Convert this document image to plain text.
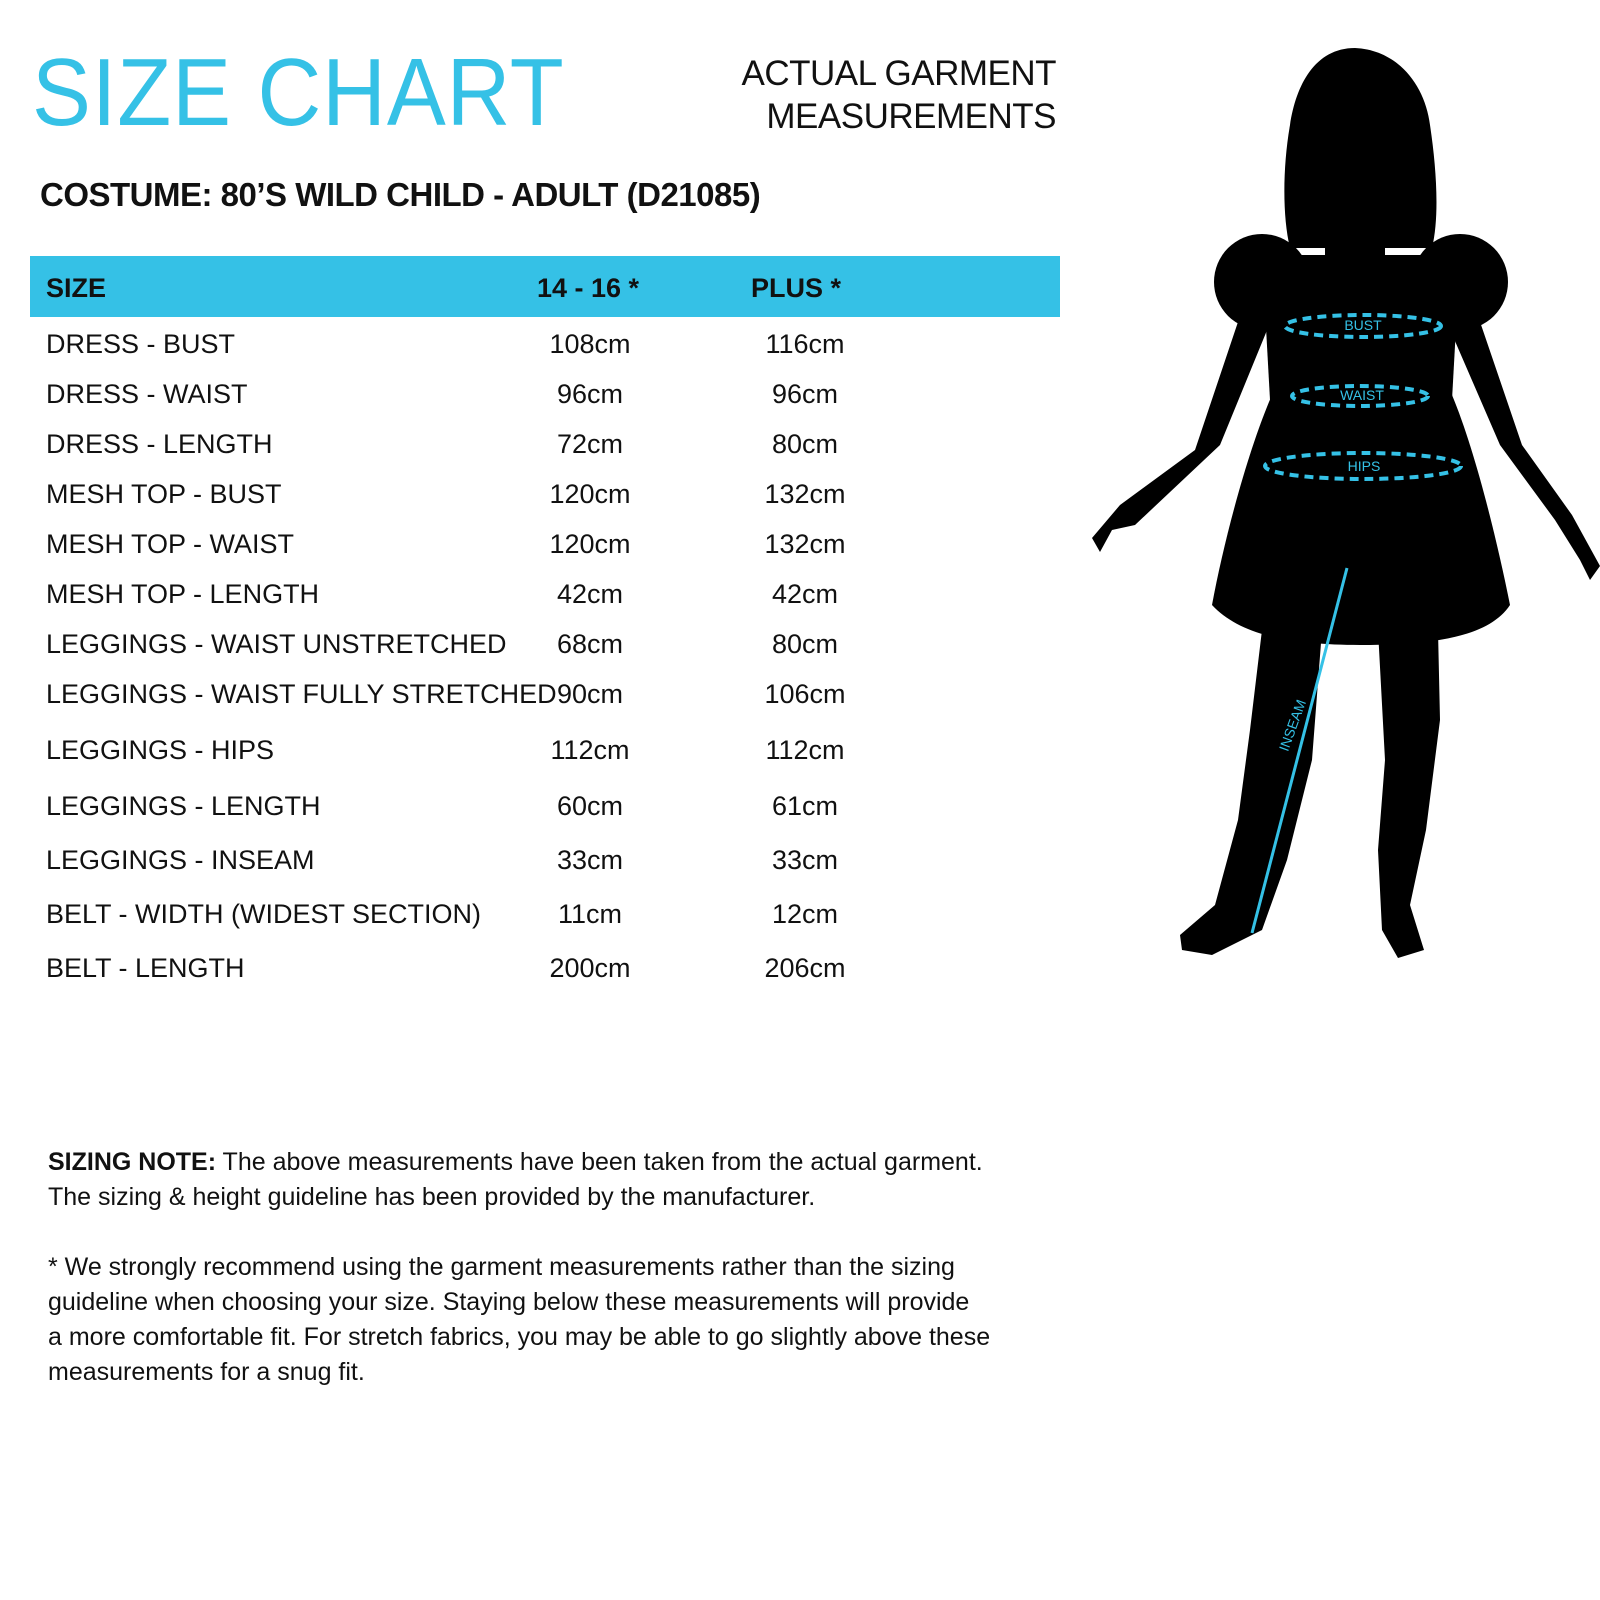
SIZE CHART	ACTUAL GARMENT
MEASUREMENTS
COSTUME: 80’S WILD CHILD - ADULT (D21085)
SIZE	14 - 16 *	PLUS *
DRESS - BUST	108cm	116cm
DRESS - WAIST	96cm	96cm
DRESS - LENGTH	72cm	80cm
MESH TOP - BUST	120cm	132cm
MESH TOP - WAIST	120cm	132cm
MESH TOP - LENGTH	42cm	42cm
LEGGINGS - WAIST UNSTRETCHED	68cm	80cm
LEGGINGS - WAIST FULLY STRETCHED 90cm	106cm
LEGGINGS - HIPS	112cm	112cm
LEGGINGS - LENGTH	60cm	61cm
LEGGINGS - INSEAM	33cm	33cm
BELT - WIDTH (WIDEST SECTION)	11cm	12cm
BELT - LENGTH	200cm	206cm

SIZING NOTE: The above measurements have been taken from the actual garment.
The sizing & height guideline has been provided by the manufacturer.

* We strongly recommend using the garment measurements rather than the sizing
guideline when choosing your size. Staying below these measurements will provide
a more comfortable fit. For stretch fabrics, you may be able to go slightly above these
measurements for a snug fit.

BUST
WAIST
HIPS
INSEAM
